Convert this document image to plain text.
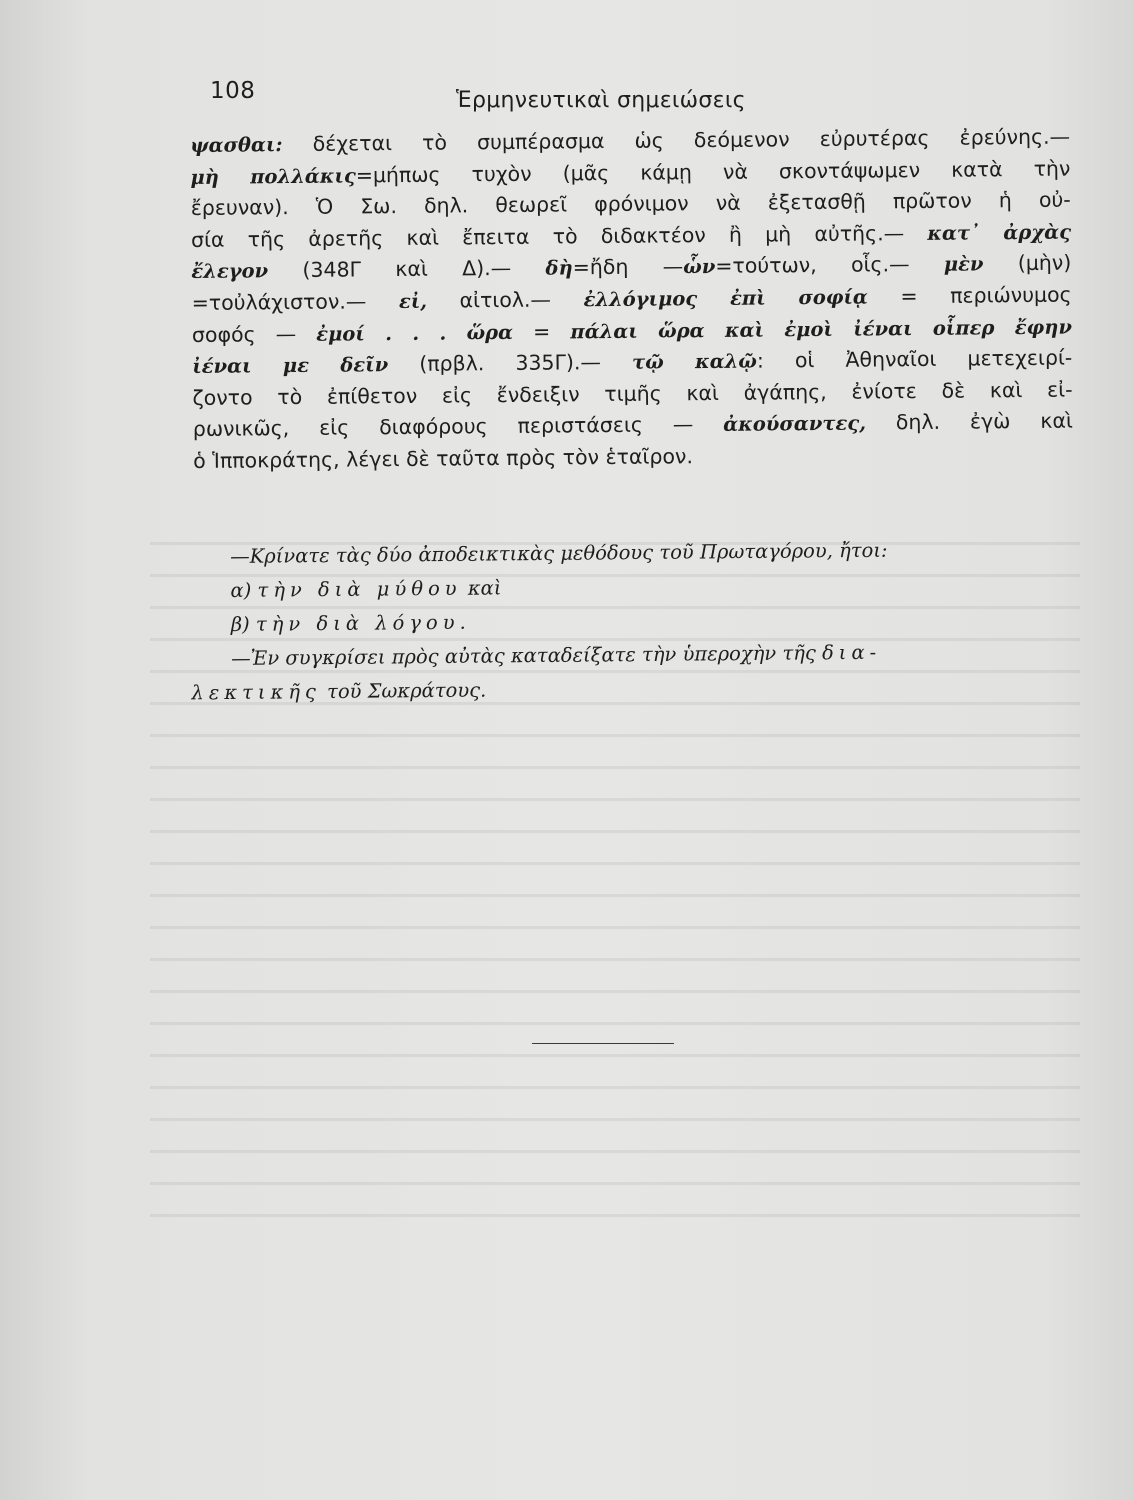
108	Ἑρμηνευτικαὶ σημειώσεις
ψασθαι: δέχεται τὸ συμπέρασμα ὡς δεόμενον εὐρυτέρας ἐρεύνης.—
μὴ πολλάκις=μήπως τυχὸν (μᾶς κάμῃ νὰ σκοντάψωμεν κατὰ τὴν
ἔρευναν). Ὁ Σω. δηλ. θεωρεῖ φρόνιμον νὰ ἐξετασθῇ πρῶτον ἡ οὐ-
σία τῆς ἀρετῆς καὶ ἔπειτα τὸ διδακτέον ἢ μὴ αὐτῆς.— κατ᾽ ἀρχὰς
ἔλεγον (348Γ καὶ Δ).— δὴ=ἤδη —ὧν=τούτων, οἷς.— μὲν (μὴν)
=τοὐλάχιστον.— εἰ, αἰτιολ.— ἐλλόγιμος ἐπὶ σοφίᾳ = περιώνυμος
σοφός — ἐμοί . . . ὥρα = πάλαι ὥρα καὶ ἐμοὶ ἰέναι οἷπερ ἔφην
ἰέναι με δεῖν (πρβλ. 335Γ).— τῷ καλῷ: οἱ Ἀθηναῖοι μετεχειρί-
ζοντο τὸ ἐπίθετον εἰς ἔνδειξιν τιμῆς καὶ ἀγάπης, ἐνίοτε δὲ καὶ εἰ-
ρωνικῶς, εἰς διαφόρους περιστάσεις — ἀκούσαντες, δηλ. ἐγὼ καὶ
ὁ Ἱπποκράτης, λέγει δὲ ταῦτα πρὸς τὸν ἑταῖρον.
—Κρίνατε τὰς δύο ἀποδεικτικὰς μεθόδους τοῦ Πρωταγόρου, ἤτοι:
α) τὴν διὰ μύθου καὶ
β) τὴν διὰ λόγου.
—Ἐν συγκρίσει πρὸς αὐτὰς καταδείξατε τὴν ὑπεροχὴν τῆς δια-
λεκτικῆς τοῦ Σωκράτους.
